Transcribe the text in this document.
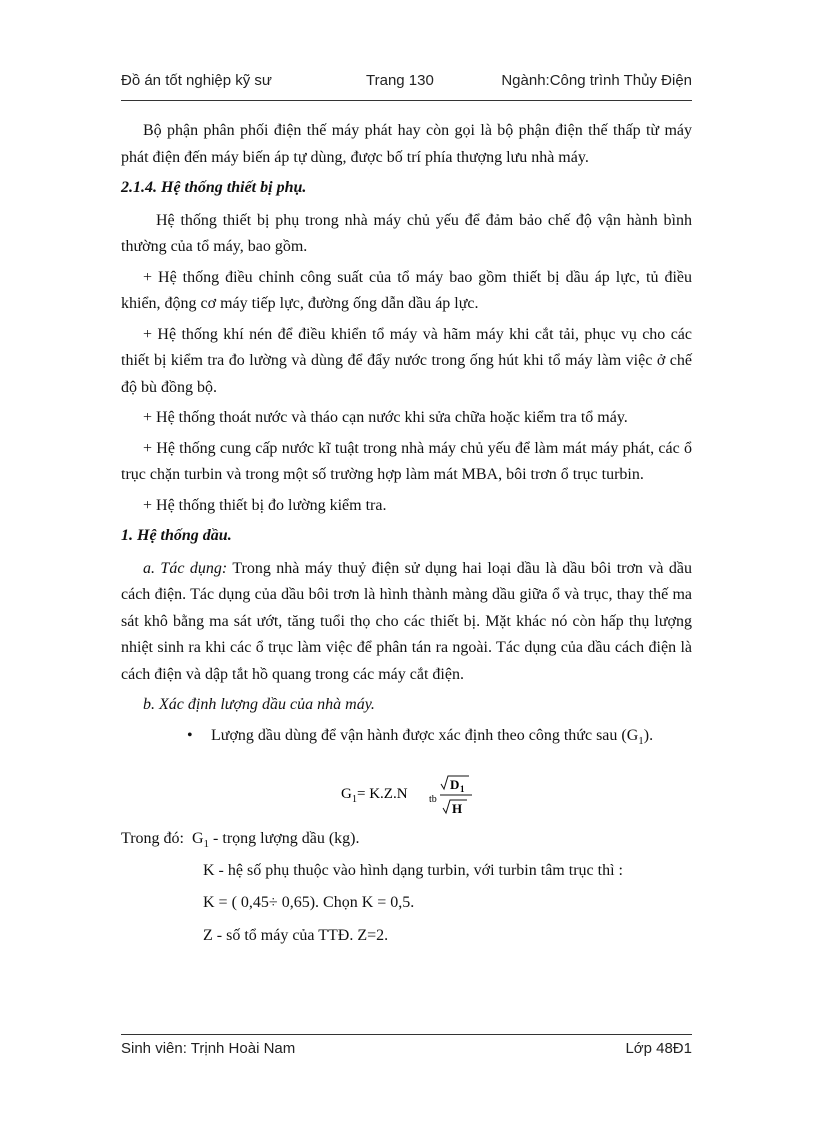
Đồ án tốt nghiệp kỹ sư	Trang 130	Ngành:Công trình Thủy Điện

Bộ phận phân phối điện thế máy phát hay còn gọi là bộ phận điện thế thấp từ máy phát điện đến máy biến áp tự dùng, được bố trí phía thượng lưu nhà máy.

2.1.4. Hệ thống thiết bị phụ.

Hệ thống thiết bị phụ trong nhà máy chủ yếu để đảm bảo chế độ vận hành bình thường của tổ máy, bao gồm.

+ Hệ thống điều chỉnh công suất của tổ máy bao gồm thiết bị dầu áp lực, tủ điều khiển, động cơ máy tiếp lực, đường ống dẫn dầu áp lực.

+ Hệ thống khí nén để điều khiển tổ máy và hãm máy khi cắt tải, phục vụ cho các thiết bị kiểm tra đo lường và dùng để đẩy nước trong ống hút khi tổ máy làm việc ở chế độ bù đồng bộ.

+ Hệ thống thoát nước và tháo cạn nước khi sửa chữa hoặc kiểm tra tổ máy.

+ Hệ thống cung cấp nước kĩ tuật trong nhà máy chủ yếu để làm mát máy phát, các ổ trục chặn turbin và trong một số trường hợp làm mát MBA, bôi trơn ổ trục turbin.

+ Hệ thống thiết bị đo lường kiểm tra.

1. Hệ thống dầu.

a. Tác dụng: Trong nhà máy thuỷ điện sử dụng hai loại dầu là dầu bôi trơn và dầu cách điện. Tác dụng của dầu bôi trơn là hình thành màng dầu giữa ổ và trục, thay thế ma sát khô bằng ma sát ướt, tăng tuổi thọ cho các thiết bị. Mặt khác nó còn hấp thụ lượng nhiệt sinh ra khi các ổ trục làm việc để phân tán ra ngoài. Tác dụng của dầu cách điện là cách điện và dập tắt hồ quang trong các máy cắt điện.

b. Xác định lượng dầu của nhà máy.

• Lượng dầu dùng để vận hành được xác định theo công thức sau $(G_1)$.

G 1 = K.Z.N tb
D 1
H

Trong đó: $G_1$ - trọng lượng dầu (kg).

K - hệ số phụ thuộc vào hình dạng turbin, với turbin tâm trục thì :

K = ( 0,45÷ 0,65). Chọn K = 0,5.

Z - số tổ máy của TTĐ. Z=2.

Sinh viên: Trịnh Hoài Nam	Lớp 48Đ1
